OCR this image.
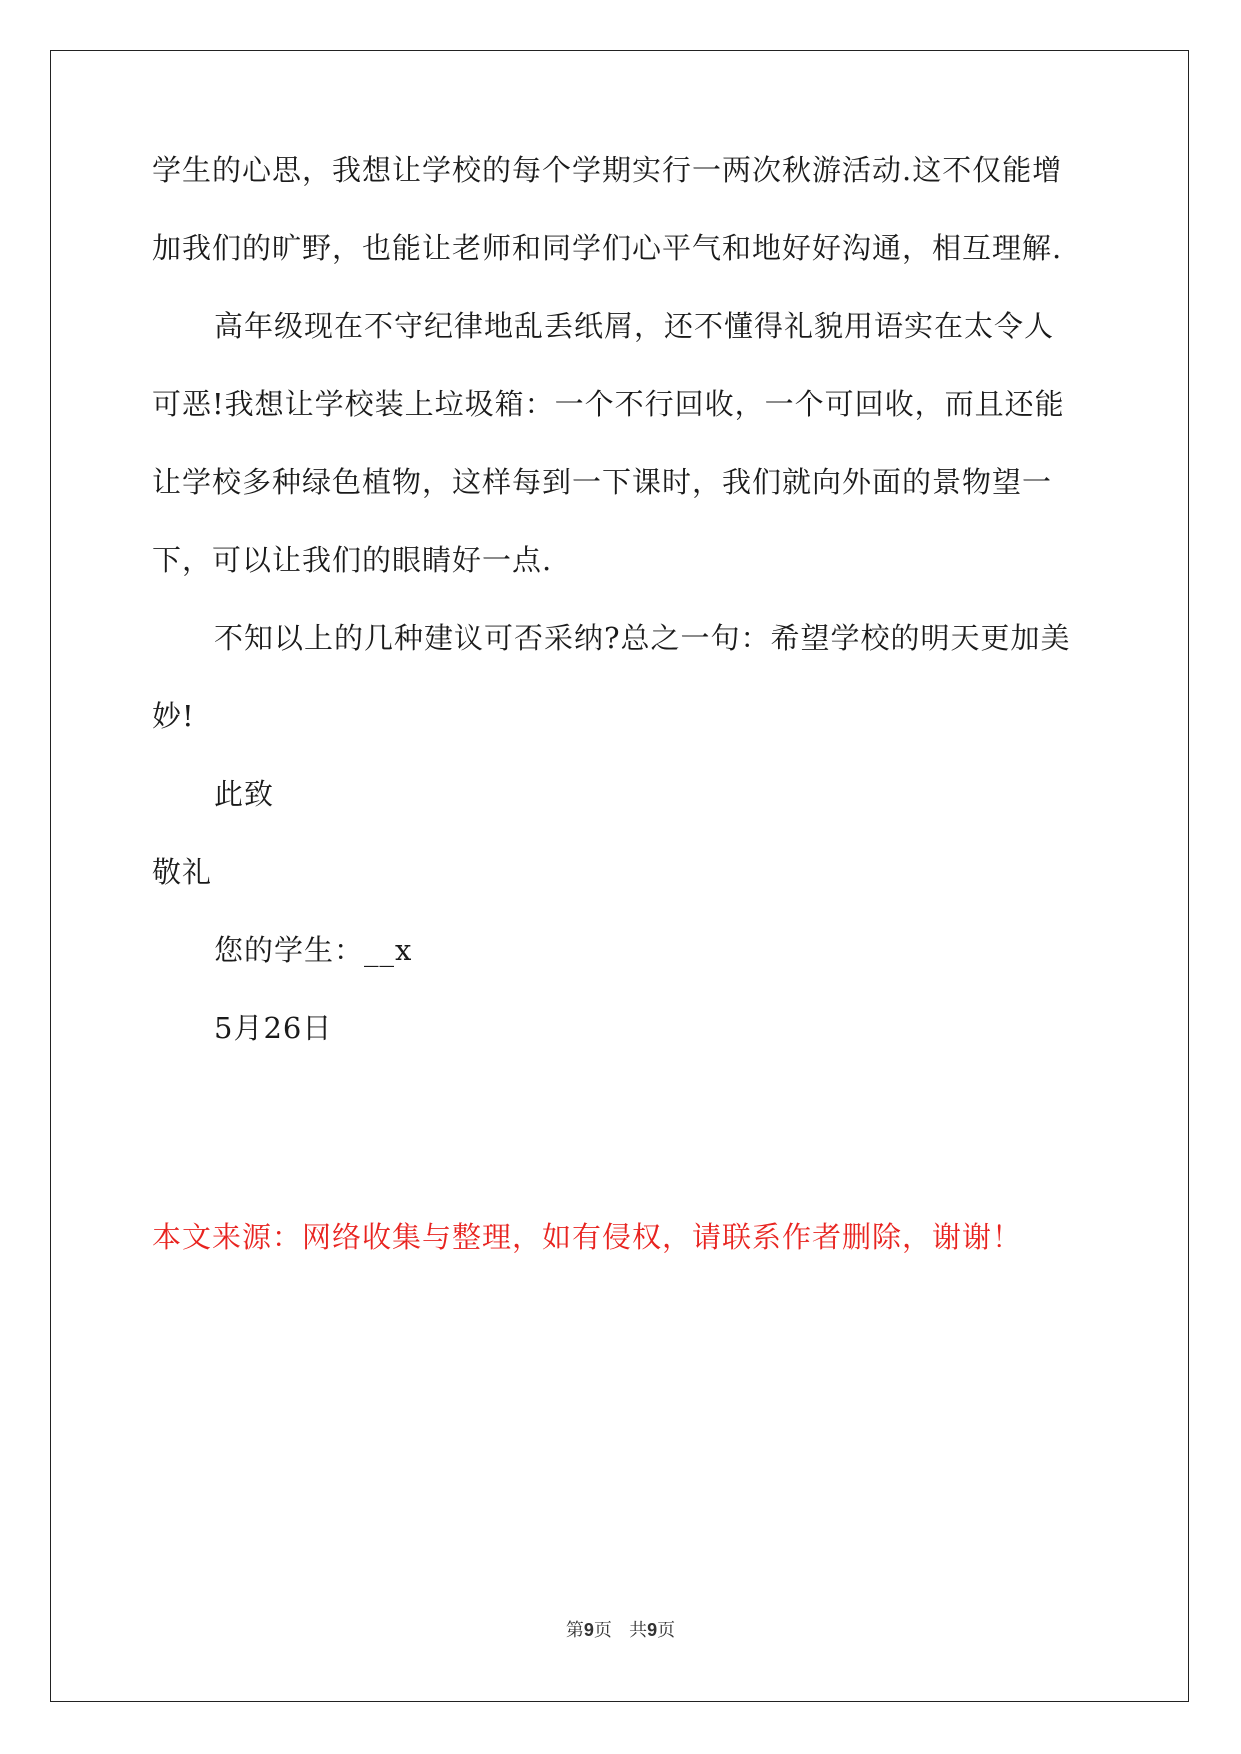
学生的心思，我想让学校的每个学期实行一两次秋游活动.这不仅能增
加我们的旷野，也能让老师和同学们心平气和地好好沟通，相互理解.
高年级现在不守纪律地乱丢纸屑，还不懂得礼貌用语实在太令人
可恶!我想让学校装上垃圾箱：一个不行回收，一个可回收，而且还能
让学校多种绿色植物，这样每到一下课时，我们就向外面的景物望一
下，可以让我们的眼睛好一点.
不知以上的几种建议可否采纳?总之一句：希望学校的明天更加美
妙!
此致
敬礼
您的学生：__x
5月26日
本文来源：网络收集与整理，如有侵权，请联系作者删除，谢谢！
第9页   共9页
